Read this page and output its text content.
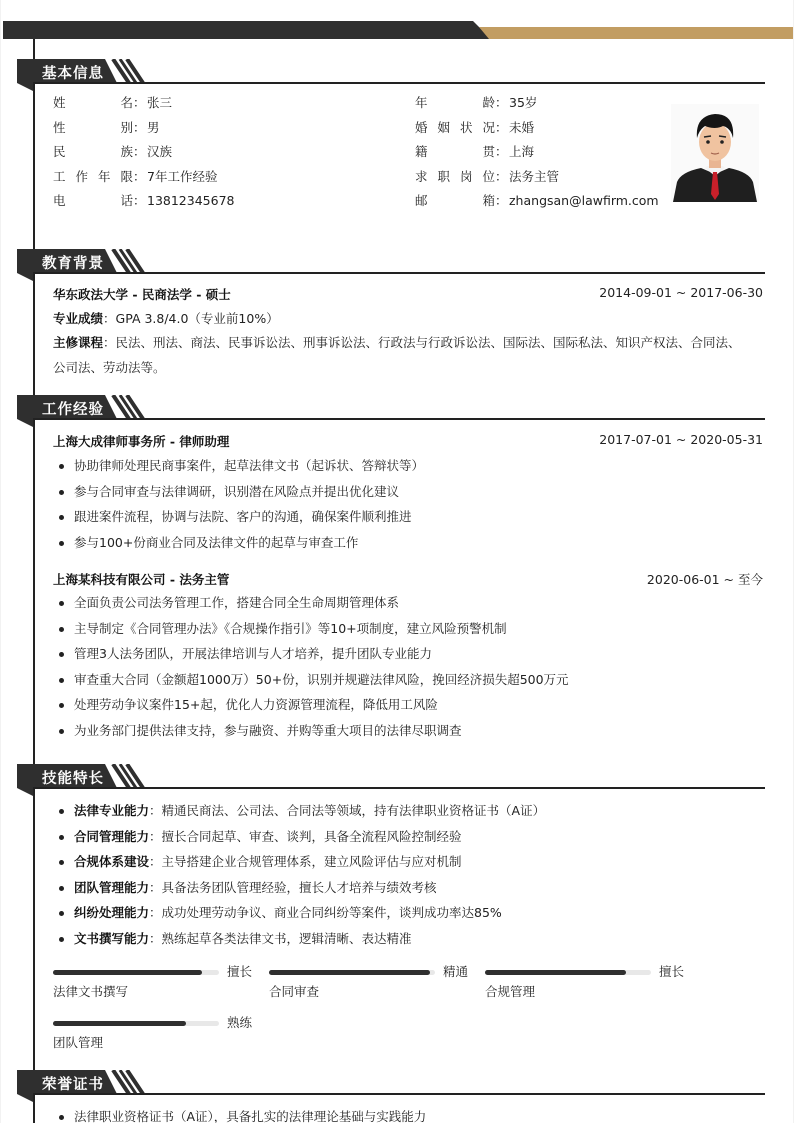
基本信息
姓	名 ： 张三
性	别 ： 男
民	族 ： 汉族
工 作 年 限 ： 7年工作经验
电	话 ： 13812345678
年	龄 ： 35岁
婚 姻 状 况 ： 未婚
籍	贯 ： 上海
求 职 岗 位 ： 法务主管
邮	箱 ： zhangsan@lawfirm.com
教育背景
华东政法大学 - 民商法学 - 硕士	2014-09-01 ~ 2017-06-30
专业成绩：GPA 3.8/4.0（专业前10%）
主修课程：民法、刑法、商法、民事诉讼法、刑事诉讼法、行政法与行政诉讼法、国际法、国际私法、知识产权法、合同法、
公司法、劳动法等。
工作经验
上海大成律师事务所 - 律师助理	2017-07-01 ~ 2020-05-31
协助律师处理民商事案件，起草法律文书（起诉状、答辩状等）
参与合同审查与法律调研，识别潜在风险点并提出优化建议
跟进案件流程，协调与法院、客户的沟通，确保案件顺利推进
参与100+份商业合同及法律文件的起草与审查工作
上海某科技有限公司 - 法务主管	2020-06-01 ~ 至今
全面负责公司法务管理工作，搭建合同全生命周期管理体系
主导制定《合同管理办法》《合规操作指引》等10+项制度，建立风险预警机制
管理3人法务团队，开展法律培训与人才培养，提升团队专业能力
审查重大合同（金额超1000万）50+份，识别并规避法律风险，挽回经济损失超500万元
处理劳动争议案件15+起，优化人力资源管理流程，降低用工风险
为业务部门提供法律支持，参与融资、并购等重大项目的法律尽职调查
技能特长
法律专业能力：精通民商法、公司法、合同法等领域，持有法律职业资格证书（A证）
合同管理能力：擅长合同起草、审查、谈判，具备全流程风险控制经验
合规体系建设：主导搭建企业合规管理体系，建立风险评估与应对机制
团队管理能力：具备法务团队管理经验，擅长人才培养与绩效考核
纠纷处理能力：成功处理劳动争议、商业合同纠纷等案件，谈判成功率达85%
文书撰写能力：熟练起草各类法律文书，逻辑清晰、表达精准
擅长
法律文书撰写
精通
合同审查
擅长
合规管理
熟练
团队管理
荣誉证书
法律职业资格证书（A证），具备扎实的法律理论基础与实践能力
